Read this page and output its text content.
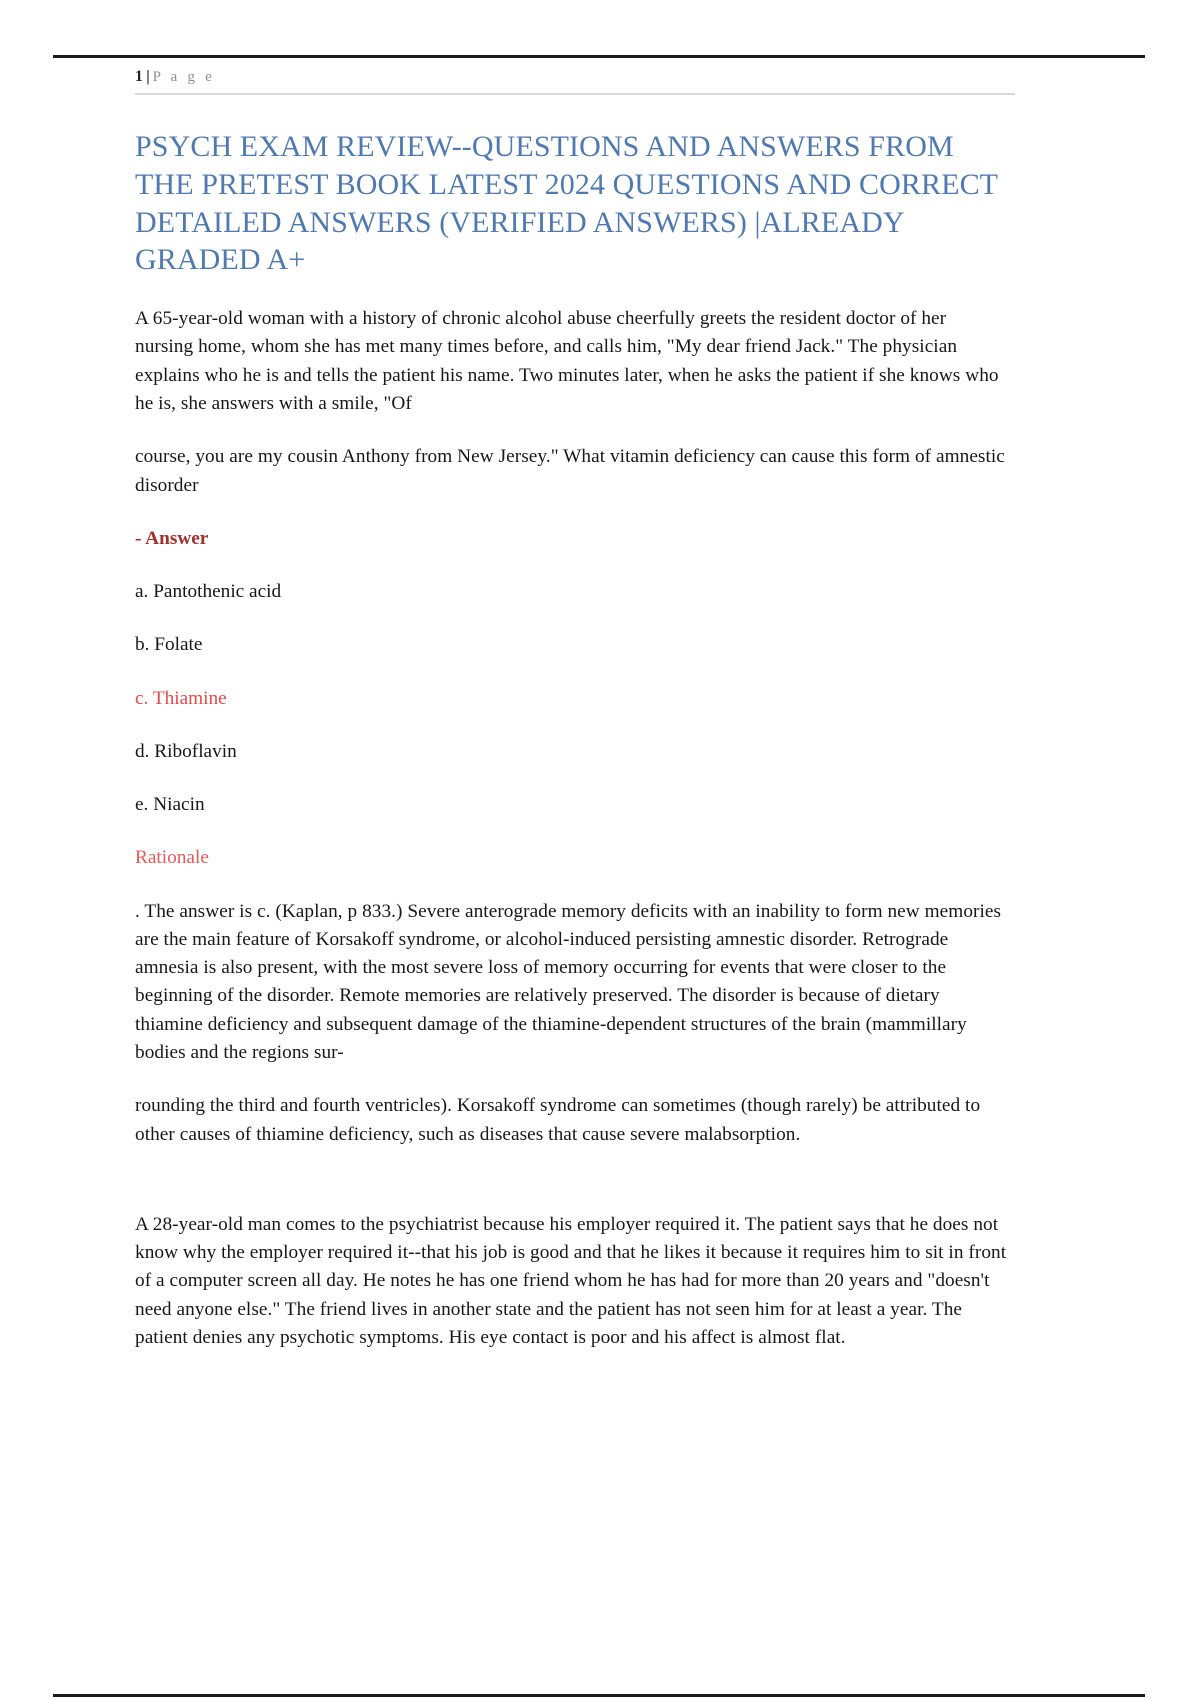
1 | P a g e
PSYCH EXAM REVIEW--QUESTIONS AND ANSWERS FROM THE PRETEST BOOK LATEST 2024 QUESTIONS AND CORRECT DETAILED ANSWERS (VERIFIED ANSWERS) |ALREADY GRADED A+

A 65-year-old woman with a history of chronic alcohol abuse cheerfully greets the resident doctor of her nursing home, whom she has met many times before, and calls him, "My dear friend Jack." The physician explains who he is and tells the patient his name. Two minutes later, when he asks the patient if she knows who he is, she answers with a smile, "Of

course, you are my cousin Anthony from New Jersey." What vitamin deficiency can cause this form of amnestic disorder

- Answer

a. Pantothenic acid

b. Folate

c. Thiamine

d. Riboflavin

e. Niacin

Rationale

. The answer is c. (Kaplan, p 833.) Severe anterograde memory deficits with an inability to form new memories are the main feature of Korsakoff syndrome, or alcohol-induced persisting amnestic disorder. Retrograde amnesia is also present, with the most severe loss of memory occurring for events that were closer to the beginning of the disorder. Remote memories are relatively preserved. The disorder is because of dietary thiamine deficiency and subsequent damage of the thiamine-dependent structures of the brain (mammillary bodies and the regions sur-

rounding the third and fourth ventricles). Korsakoff syndrome can sometimes (though rarely) be attributed to other causes of thiamine deficiency, such as diseases that cause severe malabsorption.

A 28-year-old man comes to the psychiatrist because his employer required it. The patient says that he does not know why the employer required it--that his job is good and that he likes it because it requires him to sit in front of a computer screen all day. He notes he has one friend whom he has had for more than 20 years and "doesn't need anyone else." The friend lives in another state and the patient has not seen him for at least a year. The patient denies any psychotic symptoms. His eye contact is poor and his affect is almost flat.
